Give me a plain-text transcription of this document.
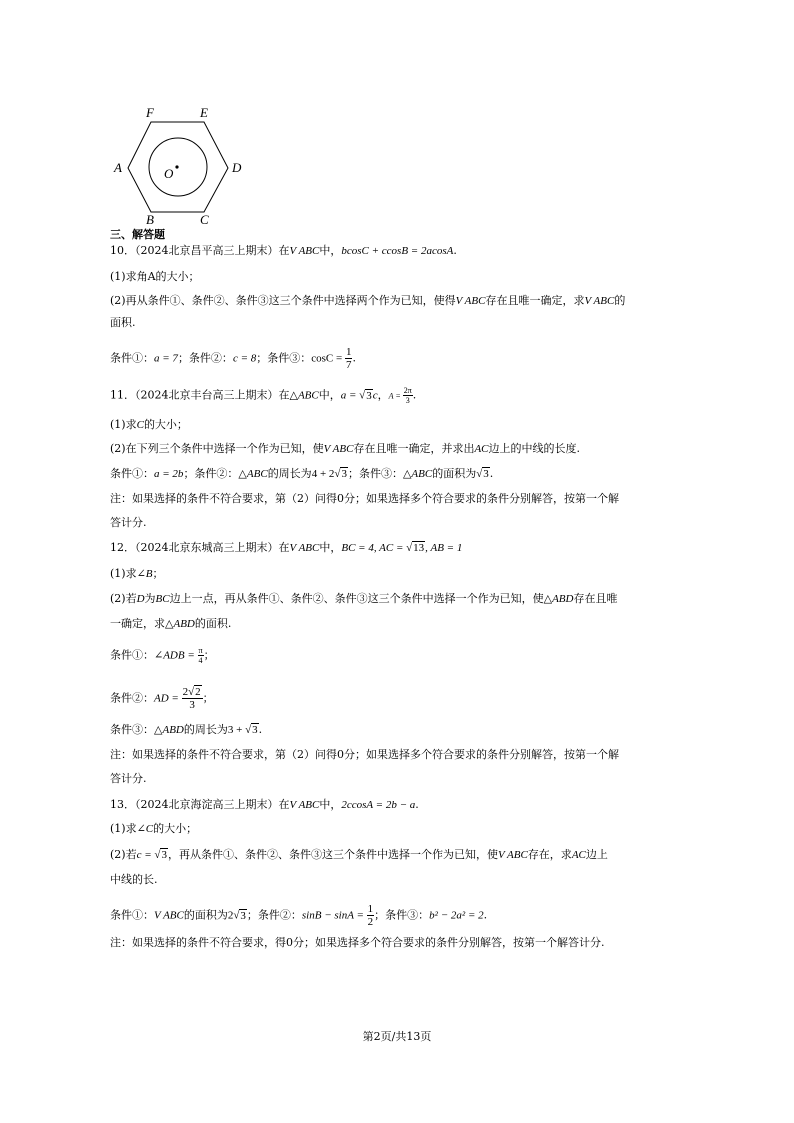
F	E
A	D
O
B	C
三、解答题
10．（2024北京昌平高三上期末）在V ABC中，bcosC + ccosB = 2acosA.
(1)求角A的大小；
(2)再从条件①、条件②、条件③这三个条件中选择两个作为已知，使得V ABC存在且唯一确定，求V ABC的
面积.
条件①：a = 7；条件②：c = 8；条件③：$\cos C = \frac{1}{7}$ .
11．（2024北京丰台高三上期末）在△ABC中，a = √3c，$A = \frac{2\pi}{3}$ .
(1)求C的大小；
(2)在下列三个条件中选择一个作为已知，使V ABC存在且唯一确定，并求出AC边上的中线的长度.
条件①：a = 2b；条件②：△ABC的周长为4 + 2√3；条件③：△ABC的面积为√3.
注：如果选择的条件不符合要求，第（2）问得0分；如果选择多个符合要求的条件分别解答，按第一个解
答计分.
12．（2024北京东城高三上期末）在V ABC中，BC = 4, AC = √13, AB = 1
(1)求∠B；
(2)若D为BC边上一点，再从条件①、条件②、条件③这三个条件中选择一个作为已知，使△ABD存在且唯
一确定，求△ABD的面积.
条件①：∠ADB = $\frac{\pi}{4}$ ；
条件②：AD = $\frac{2√2}{3}$ ；
条件③：△ABD的周长为3 + √3.
注：如果选择的条件不符合要求，第（2）问得0分；如果选择多个符合要求的条件分别解答，按第一个解
答计分.
13．（2024北京海淀高三上期末）在V ABC中，2ccosA = 2b − a.
(1)求∠C的大小；
(2)若c = √3，再从条件①、条件②、条件③这三个条件中选择一个作为已知，使V ABC存在，求AC边上
中线的长.
条件①：V ABC的面积为2√3；条件②：$\sin B - \sin A = \frac{1}{2}$ ；条件③：b² − 2a² = 2.
注：如果选择的条件不符合要求，得0分；如果选择多个符合要求的条件分别解答，按第一个解答计分.
第2页/共13页
